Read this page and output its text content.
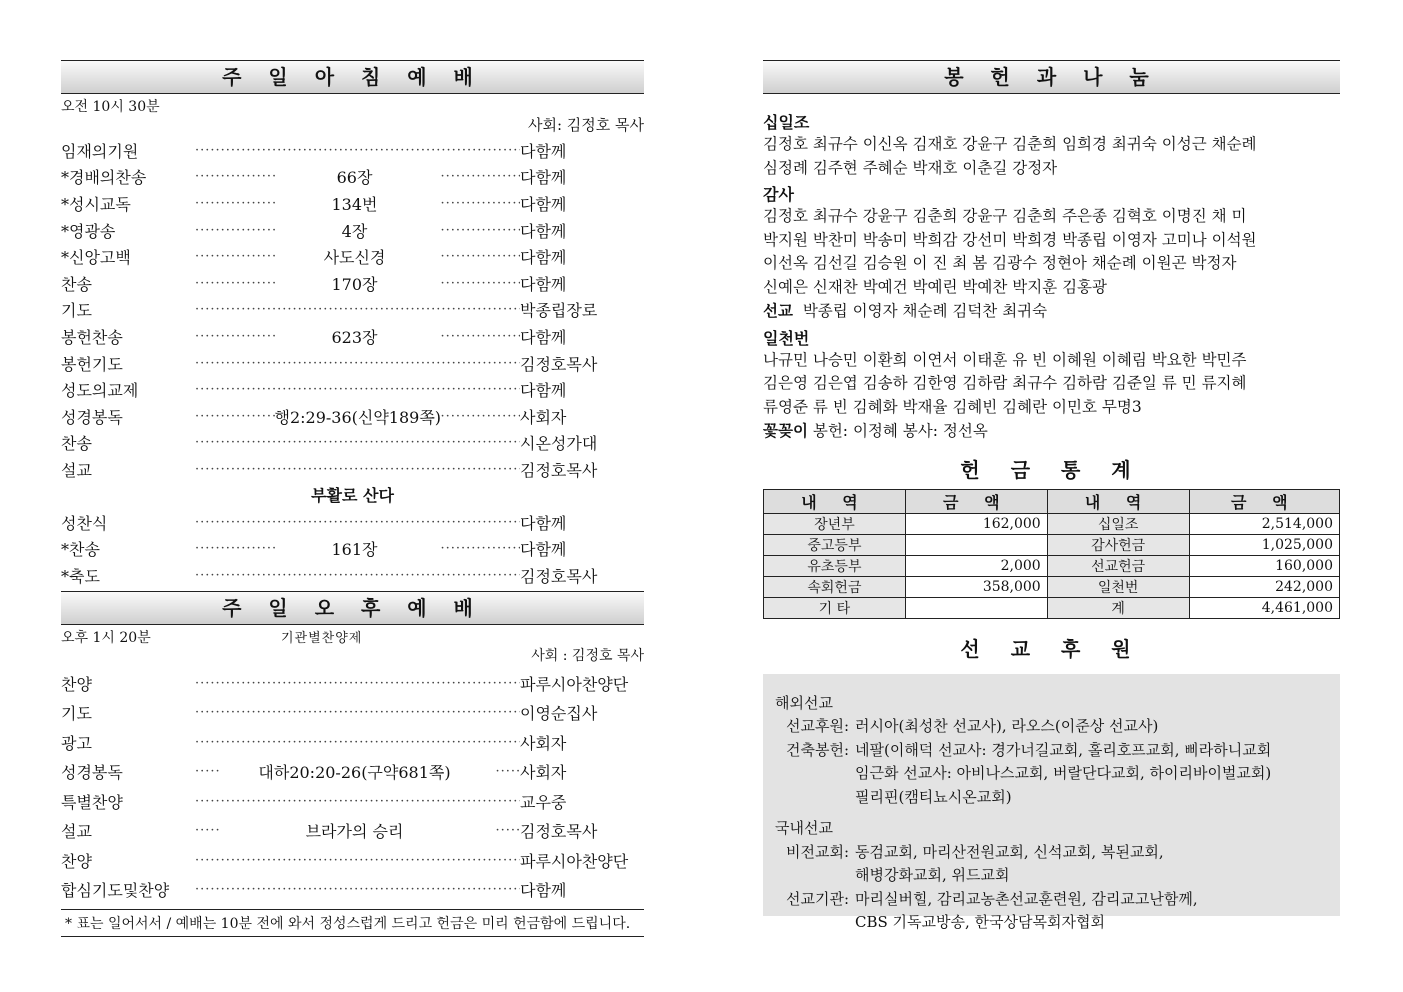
주 일 아 침 예 배
오전 10시 30분
사회: 김정호 목사
임재의기원 ·····	다함께
*경배의찬송 ·····	66장 ·····	다함께
*성시교독 ·····	134번 ·····	다함께
*영광송 ·····	4장 ·····	다함께
*신앙고백 ·····	사도신경 ·····	다함께
찬송 ·····	170장 ·····	다함께
기도 ·····	박종립장로
봉헌찬송 ·····	623장 ·····	다함께
봉헌기도 ·····	김정호목사
성도의교제 ·····	다함께
성경봉독 ·····	행2:29-36(신약189쪽) ·····	사회자
찬송 ·····	시온성가대
설교 ·····	김정호목사
부활로 산다
성찬식 ·····	다함께
*찬송 ·····	161장 ·····	다함께
*축도 ·····	김정호목사
주 일 오 후 예 배
오후 1시 20분	기관별찬양제
사회 : 김정호 목사
찬양 ·····	파루시아찬양단
기도 ·····	이영순집사
광고 ·····	사회자
성경봉독 ·····	대하20:20-26(구약681쪽) ·····	사회자
특별찬양 ·····	교우중
설교 ·····	브라가의 승리 ·····	김정호목사
찬양 ·····	파루시아찬양단
합심기도및찬양 ·····	다함께
* 표는 일어서서 / 예배는 10분 전에 와서 정성스럽게 드리고 헌금은 미리 헌금함에 드립니다.
봉 헌 과 나 눔
십일조
김정호 최규수 이신옥 김재호 강윤구 김춘희 임희경 최귀숙 이성근 채순례
심정례 김주현 주혜순 박재호 이춘길 강정자
감사
김정호 최규수 강윤구 김춘희 강윤구 김춘희 주은종 김혁호 이명진 채 미
박지원 박찬미 박송미 박희감 강선미 박희경 박종립 이영자 고미나 이석원
이선옥 김선길 김승원 이 진 최 봄 김광수 정현아 채순례 이원곤 박정자
신예은 신재찬 박예건 박예린 박예찬 박지훈 김홍광
선교 박종립 이영자 채순례 김덕찬 최귀숙
일천번
나규민 나승민 이환희 이연서 이태훈 유 빈 이혜원 이혜림 박요한 박민주
김은영 김은엽 김송하 김한영 김하람 최규수 김하람 김준일 류 민 류지혜
류영준 류 빈 김혜화 박재율 김혜빈 김혜란 이민호 무명3
꽃꽂이 봉헌: 이정혜 봉사: 정선옥
헌 금 통 계
내 역	금 액	내 역	금 액
장년부	162,000	십일조	2,514,000
중고등부		감사헌금	1,025,000
유초등부	2,000	선교헌금	160,000
속회헌금	358,000	일천번	242,000
기 타		계	4,461,000
선 교 후 원
해외선교
선교후원: 러시아(최성찬 선교사), 라오스(이준상 선교사)
건축봉헌: 네팔(이해덕 선교사: 경가너길교회, 홀리호프교회, 삐라하니교회
임근화 선교사: 아비나스교회, 버랄단다교회, 하이리바이벌교회)
필리핀(캠티뇨시온교회)
국내선교
비전교회: 동검교회, 마리산전원교회, 신석교회, 복된교회,
해병강화교회, 위드교회
선교기관: 마리실버힐, 감리교농촌선교훈련원, 감리교고난함께,
CBS 기독교방송, 한국상담목회자협회
